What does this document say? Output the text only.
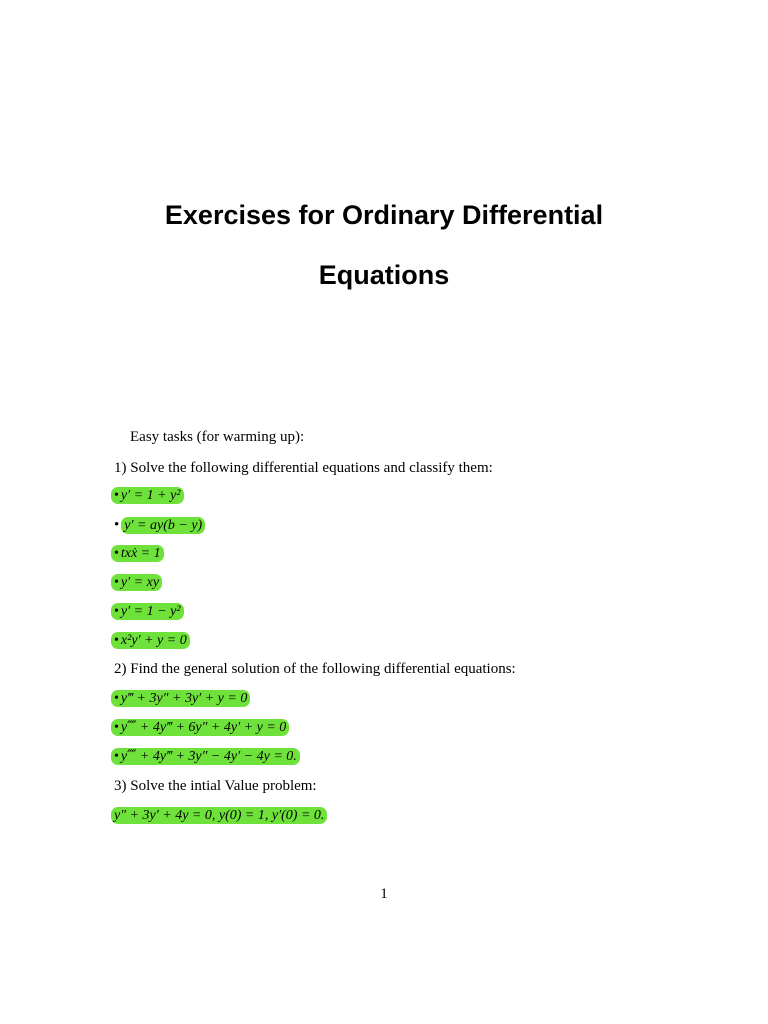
Exercises for Ordinary Differential
Equations
Easy tasks (for warming up):
1) Solve the following differential equations and classify them:
• y′ = 1 + y²
• y′ = ay(b − y)
• txẋ = 1
• y′ = xy
• y′ = 1 − y²
• x²y′ + y = 0
2) Find the general solution of the following differential equations:
• y‴ + 3y″ + 3y′ + y = 0
• y⁗ + 4y‴ + 6y″ + 4y′ + y = 0
• y⁗ + 4y‴ + 3y″ − 4y′ − 4y = 0.
3) Solve the intial Value problem:
y″ + 3y′ + 4y = 0, y(0) = 1, y′(0) = 0.
1
